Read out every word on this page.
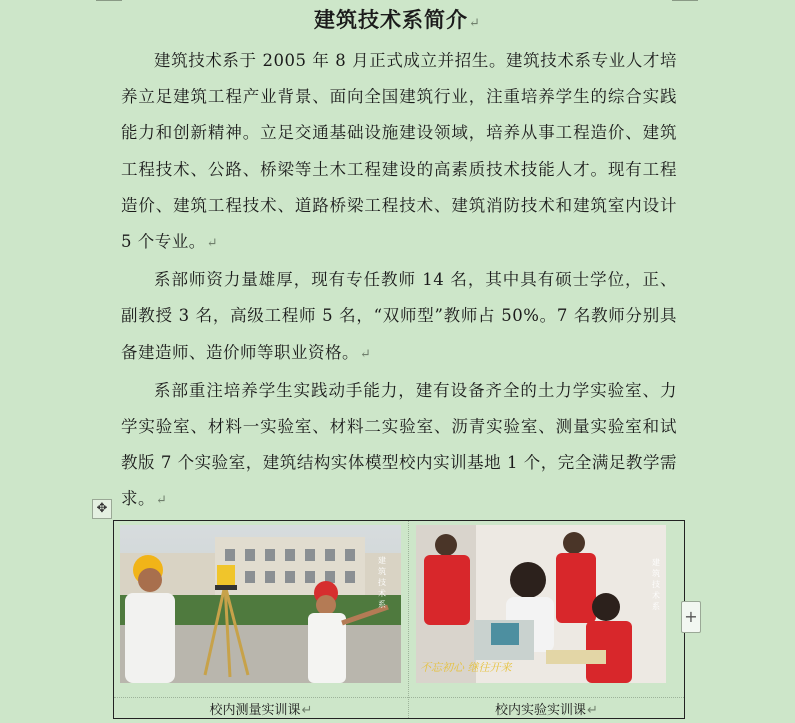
建筑技术系简介↵

建筑技术系于 2005 年 8 月正式成立并招生。建筑技术系专业人才培养立足建筑工程产业背景、面向全国建筑行业，注重培养学生的综合实践能力和创新精神。立足交通基础设施建设领域，培养从事工程造价、建筑工程技术、公路、桥梁等土木工程建设的高素质技术技能人才。现有工程造价、建筑工程技术、道路桥梁工程技术、建筑消防技术和建筑室内设计 5 个专业。↵

系部师资力量雄厚，现有专任教师 14 名，其中具有硕士学位，正、副教授 3 名，高级工程师 5 名，“双师型”教师占 50%。7 名教师分别具备建造师、造价师等职业资格。↵

系部重注培养学生实践动手能力，建有设备齐全的土力学实验室、力学实验室、材料一实验室、材料二实验室、沥青实验室、测量实验室和试教版 7 个实验室，建筑结构实体模型校内实训基地 1 个，完全满足教学需求。↵

✥
建筑技术系
校内测量实训课↵
建筑技术系
不忘初心 继往开来
校内实验实训课↵
+
